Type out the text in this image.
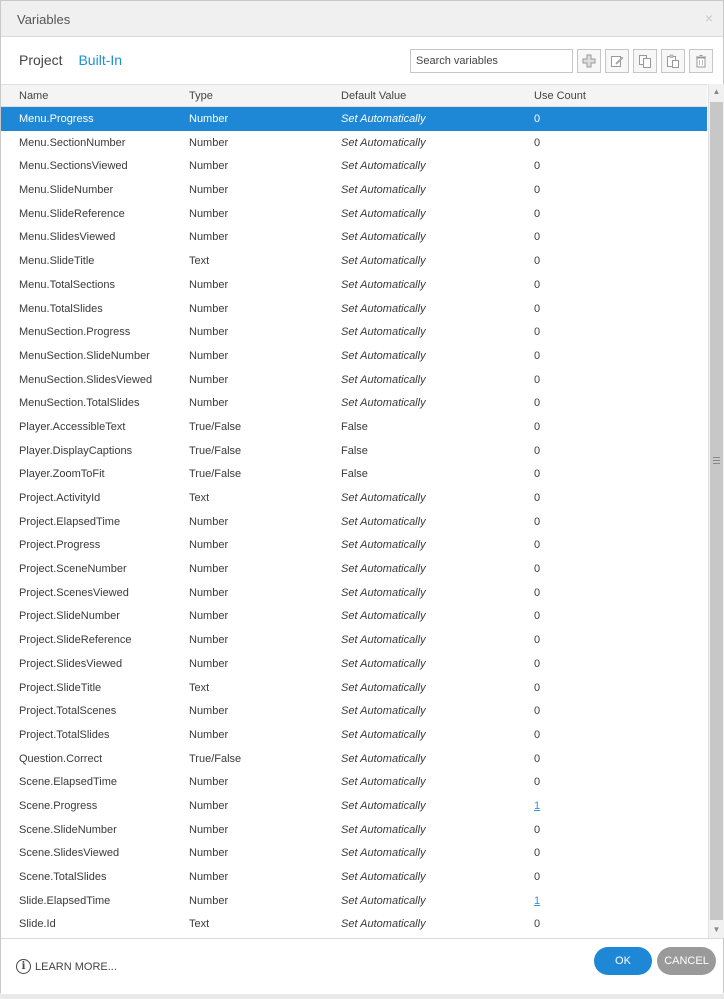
Variables	×
Project Built-In
Search variables
Name	Type	Default Value	Use Count
Menu.Progress	Number	Set Automatically	0
Menu.SectionNumber	Number	Set Automatically	0
Menu.SectionsViewed	Number	Set Automatically	0
Menu.SlideNumber	Number	Set Automatically	0
Menu.SlideReference	Number	Set Automatically	0
Menu.SlidesViewed	Number	Set Automatically	0
Menu.SlideTitle	Text	Set Automatically	0
Menu.TotalSections	Number	Set Automatically	0
Menu.TotalSlides	Number	Set Automatically	0
MenuSection.Progress	Number	Set Automatically	0
MenuSection.SlideNumber	Number	Set Automatically	0
MenuSection.SlidesViewed	Number	Set Automatically	0
MenuSection.TotalSlides	Number	Set Automatically	0
Player.AccessibleText	True/False	False	0
Player.DisplayCaptions	True/False	False	0
Player.ZoomToFit	True/False	False	0
Project.ActivityId	Text	Set Automatically	0
Project.ElapsedTime	Number	Set Automatically	0
Project.Progress	Number	Set Automatically	0
Project.SceneNumber	Number	Set Automatically	0
Project.ScenesViewed	Number	Set Automatically	0
Project.SlideNumber	Number	Set Automatically	0
Project.SlideReference	Number	Set Automatically	0
Project.SlidesViewed	Number	Set Automatically	0
Project.SlideTitle	Text	Set Automatically	0
Project.TotalScenes	Number	Set Automatically	0
Project.TotalSlides	Number	Set Automatically	0
Question.Correct	True/False	Set Automatically	0
Scene.ElapsedTime	Number	Set Automatically	0
Scene.Progress	Number	Set Automatically	1
Scene.SlideNumber	Number	Set Automatically	0
Scene.SlidesViewed	Number	Set Automatically	0
Scene.TotalSlides	Number	Set Automatically	0
Slide.ElapsedTime	Number	Set Automatically	1
Slide.Id	Text	Set Automatically	0
▲
▼
i LEARN MORE...	OK	CANCEL
